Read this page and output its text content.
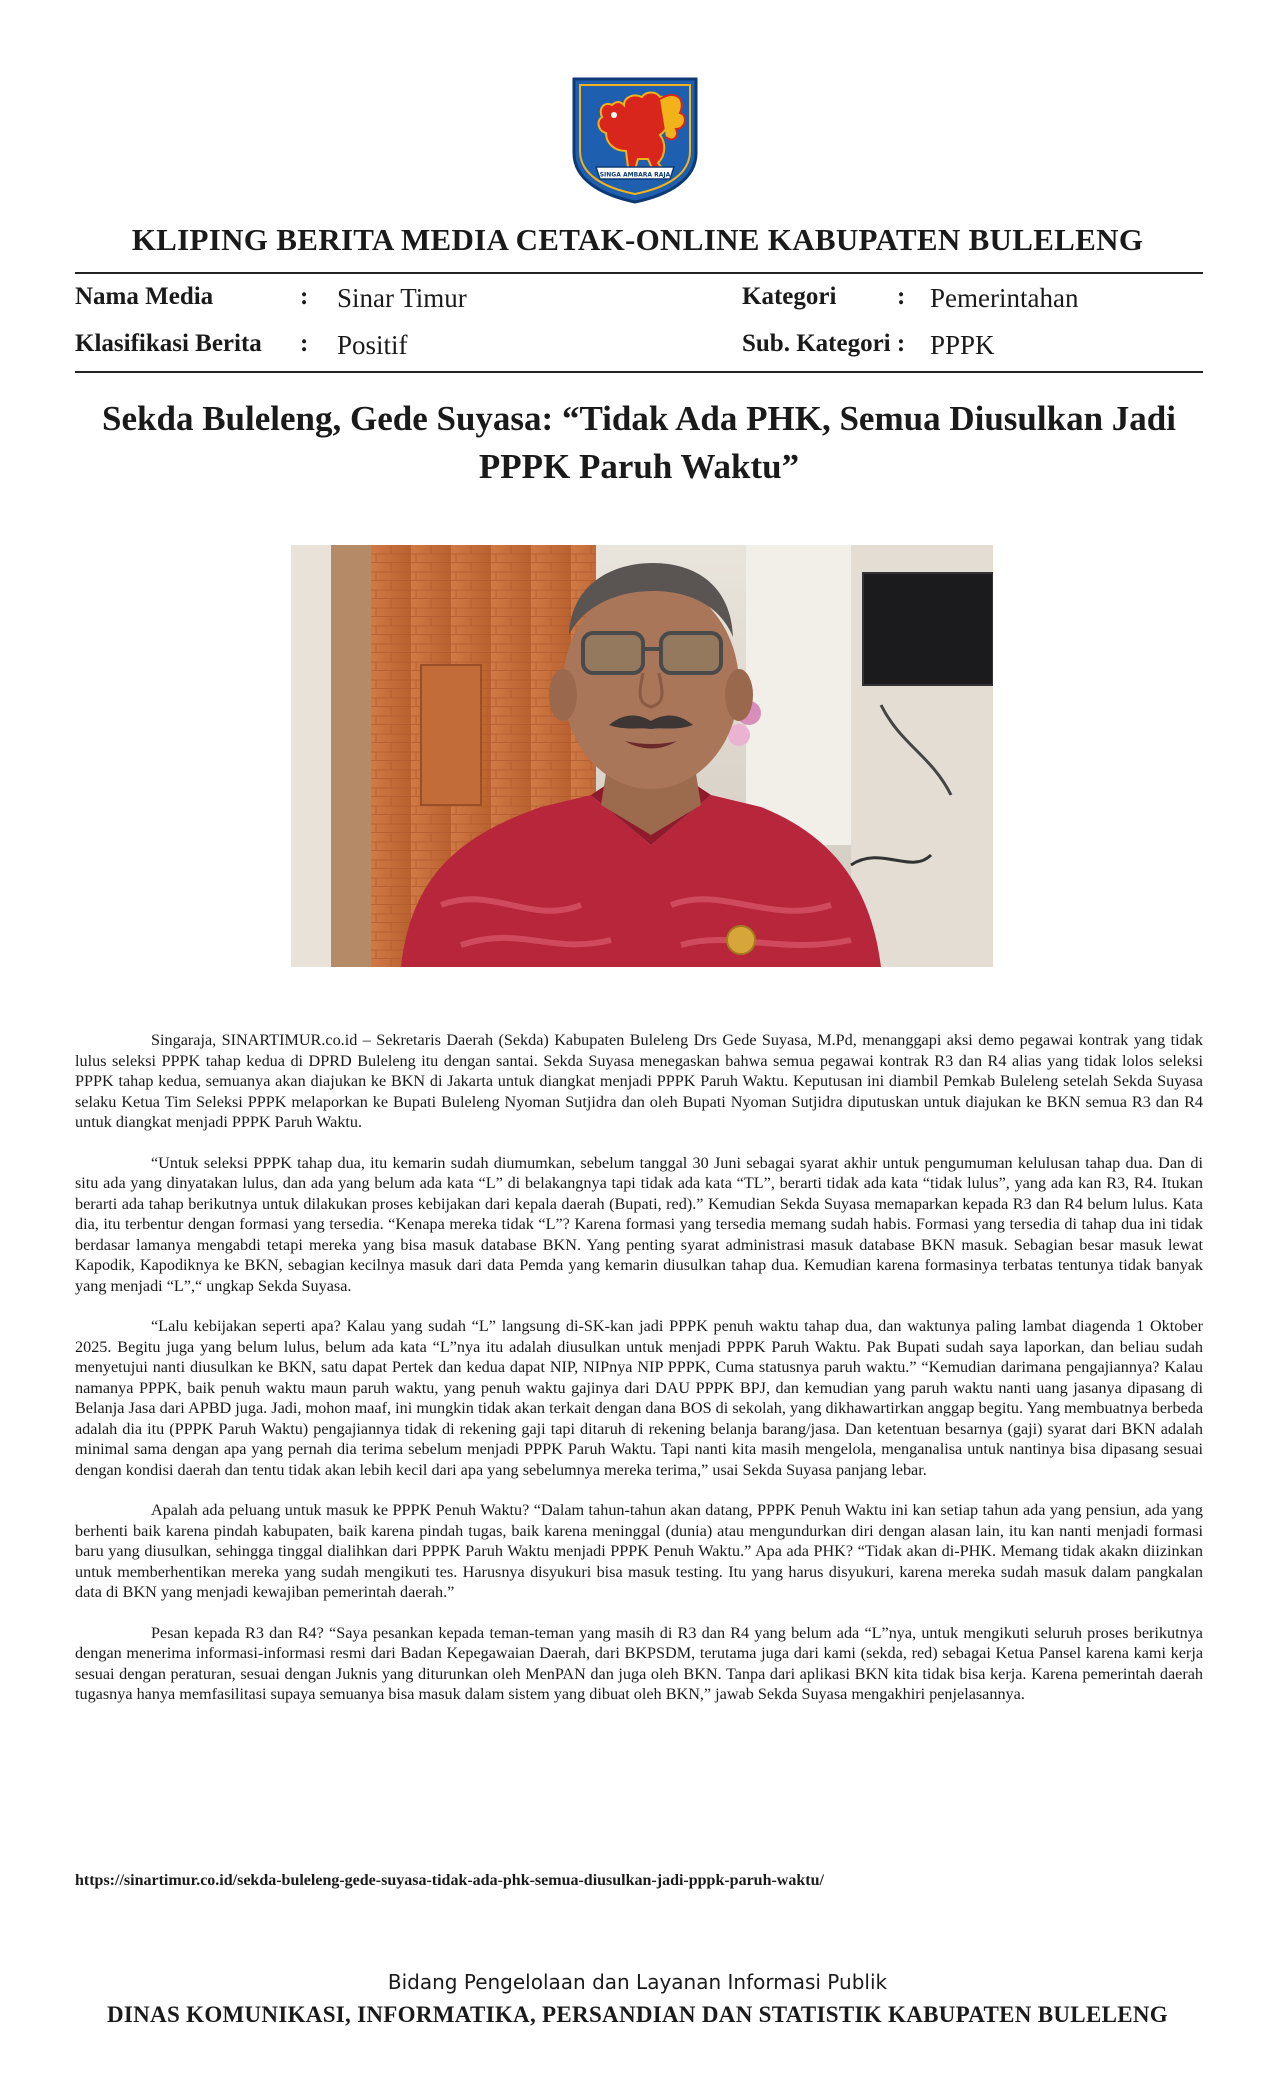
SINGA AMBARA RAJA
KLIPING BERITA MEDIA CETAK-ONLINE KABUPATEN BULELENG
Nama Media	: Sinar Timur	Kategori : Pemerintahan
Klasifikasi Berita : Positif	Sub. Kategori : PPPK
Sekda Buleleng, Gede Suyasa: “Tidak Ada PHK, Semua Diusulkan Jadi PPPK Paruh Waktu”

Singaraja, SINARTIMUR.co.id – Sekretaris Daerah (Sekda) Kabupaten Buleleng Drs Gede Suyasa, M.Pd, menanggapi aksi demo pegawai kontrak yang tidak lulus seleksi PPPK tahap kedua di DPRD Buleleng itu dengan santai. Sekda Suyasa menegaskan bahwa semua pegawai kontrak R3 dan R4 alias yang tidak lolos seleksi PPPK tahap kedua, semuanya akan diajukan ke BKN di Jakarta untuk diangkat menjadi PPPK Paruh Waktu. Keputusan ini diambil Pemkab Buleleng setelah Sekda Suyasa selaku Ketua Tim Seleksi PPPK melaporkan ke Bupati Buleleng Nyoman Sutjidra dan oleh Bupati Nyoman Sutjidra diputuskan untuk diajukan ke BKN semua R3 dan R4 untuk diangkat menjadi PPPK Paruh Waktu.

“Untuk seleksi PPPK tahap dua, itu kemarin sudah diumumkan, sebelum tanggal 30 Juni sebagai syarat akhir untuk pengumuman kelulusan tahap dua. Dan di situ ada yang dinyatakan lulus, dan ada yang belum ada kata “L” di belakangnya tapi tidak ada kata “TL”, berarti tidak ada kata “tidak lulus”, yang ada kan R3, R4. Itukan berarti ada tahap berikutnya untuk dilakukan proses kebijakan dari kepala daerah (Bupati, red).” Kemudian Sekda Suyasa memaparkan kepada R3 dan R4 belum lulus. Kata dia, itu terbentur dengan formasi yang tersedia. “Kenapa mereka tidak “L”? Karena formasi yang tersedia memang sudah habis. Formasi yang tersedia di tahap dua ini tidak berdasar lamanya mengabdi tetapi mereka yang bisa masuk database BKN. Yang penting syarat administrasi masuk database BKN masuk. Sebagian besar masuk lewat Kapodik, Kapodiknya ke BKN, sebagian kecilnya masuk dari data Pemda yang kemarin diusulkan tahap dua. Kemudian karena formasinya terbatas tentunya tidak banyak yang menjadi “L”,“ ungkap Sekda Suyasa.

“Lalu kebijakan seperti apa? Kalau yang sudah “L” langsung di-SK-kan jadi PPPK penuh waktu tahap dua, dan waktunya paling lambat diagenda 1 Oktober 2025. Begitu juga yang belum lulus, belum ada kata “L”nya itu adalah diusulkan untuk menjadi PPPK Paruh Waktu. Pak Bupati sudah saya laporkan, dan beliau sudah menyetujui nanti diusulkan ke BKN, satu dapat Pertek dan kedua dapat NIP, NIPnya NIP PPPK, Cuma statusnya paruh waktu.” “Kemudian darimana pengajiannya? Kalau namanya PPPK, baik penuh waktu maun paruh waktu, yang penuh waktu gajinya dari DAU PPPK BPJ, dan kemudian yang paruh waktu nanti uang jasanya dipasang di Belanja Jasa dari APBD juga. Jadi, mohon maaf, ini mungkin tidak akan terkait dengan dana BOS di sekolah, yang dikhawartirkan anggap begitu. Yang membuatnya berbeda adalah dia itu (PPPK Paruh Waktu) pengajiannya tidak di rekening gaji tapi ditaruh di rekening belanja barang/jasa. Dan ketentuan besarnya (gaji) syarat dari BKN adalah minimal sama dengan apa yang pernah dia terima sebelum menjadi PPPK Paruh Waktu. Tapi nanti kita masih mengelola, menganalisa untuk nantinya bisa dipasang sesuai dengan kondisi daerah dan tentu tidak akan lebih kecil dari apa yang sebelumnya mereka terima,” usai Sekda Suyasa panjang lebar.

Apalah ada peluang untuk masuk ke PPPK Penuh Waktu? “Dalam tahun-tahun akan datang, PPPK Penuh Waktu ini kan setiap tahun ada yang pensiun, ada yang berhenti baik karena pindah kabupaten, baik karena pindah tugas, baik karena meninggal (dunia) atau mengundurkan diri dengan alasan lain, itu kan nanti menjadi formasi baru yang diusulkan, sehingga tinggal dialihkan dari PPPK Paruh Waktu menjadi PPPK Penuh Waktu.” Apa ada PHK? “Tidak akan di-PHK. Memang tidak akakn diizinkan untuk memberhentikan mereka yang sudah mengikuti tes. Harusnya disyukuri bisa masuk testing. Itu yang harus disyukuri, karena mereka sudah masuk dalam pangkalan data di BKN yang menjadi kewajiban pemerintah daerah.”

Pesan kepada R3 dan R4? “Saya pesankan kepada teman-teman yang masih di R3 dan R4 yang belum ada “L”nya, untuk mengikuti seluruh proses berikutnya dengan menerima informasi-informasi resmi dari Badan Kepegawaian Daerah, dari BKPSDM, terutama juga dari kami (sekda, red) sebagai Ketua Pansel karena kami kerja sesuai dengan peraturan, sesuai dengan Juknis yang diturunkan oleh MenPAN dan juga oleh BKN. Tanpa dari aplikasi BKN kita tidak bisa kerja. Karena pemerintah daerah tugasnya hanya memfasilitasi supaya semuanya bisa masuk dalam sistem yang dibuat oleh BKN,” jawab Sekda Suyasa mengakhiri penjelasannya.

https://sinartimur.co.id/sekda-buleleng-gede-suyasa-tidak-ada-phk-semua-diusulkan-jadi-pppk-paruh-waktu/
Bidang Pengelolaan dan Layanan Informasi Publik
DINAS KOMUNIKASI, INFORMATIKA, PERSANDIAN DAN STATISTIK KABUPATEN BULELENG
